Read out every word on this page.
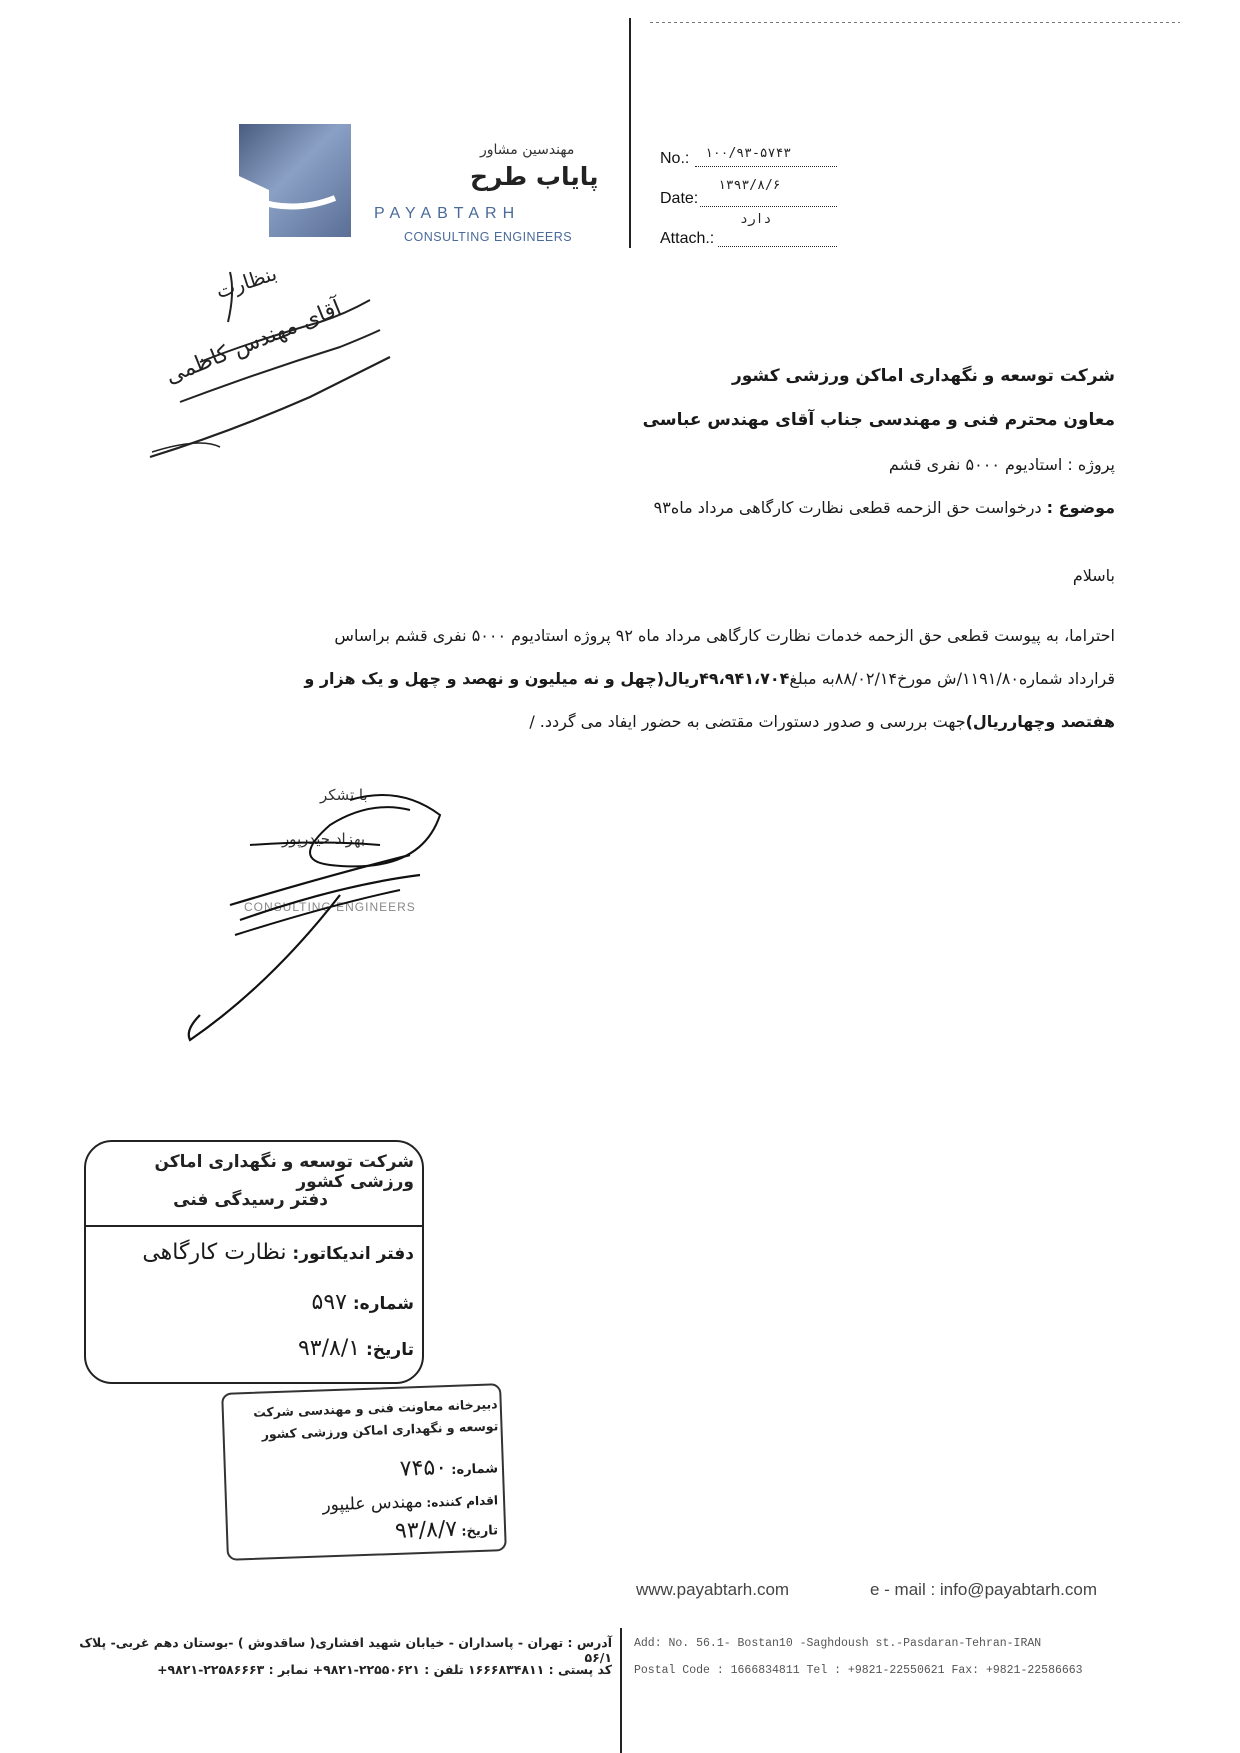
مهندسین مشاور
پایاب طرح
PAYABTARH
CONSULTING ENGINEERS
No.: ۱۰۰/۹۳-۵۷۴۳
Date:
۱۳۹۳/۸/۶
Attach.:
دارد
بنظارت
آقای مهندس کاظمی	شرکت توسعه و نگهداری اماکن ورزشی کشور
معاون محترم فنی و مهندسی جناب آقای مهندس عباسی
پروژه : استادیوم ۵۰۰۰ نفری قشم
موضوع : درخواست حق الزحمه قطعی نظارت کارگاهی مرداد ماه۹۳
باسلام
احتراما، به پیوست قطعی حق الزحمه خدمات نظارت کارگاهی مرداد ماه ۹۲ پروژه استادیوم ۵۰۰۰ نفری قشم براساس
قرارداد شماره۱۱۹۱/۸۰/ش مورخ۸۸/۰۲/۱۴به مبلغ۴۹،۹۴۱،۷۰۴ریال(چهل و نه میلیون و نهصد و چهل و یک هزار و
هفتصد وچهارریال)جهت بررسی و صدور دستورات مقتضی به حضور ایفاد می گردد. /
با تشکر
بهزاد حیدرپور
CONSULTING ENGINEERS
شرکت توسعه و نگهداری اماکن ورزشی کشور
دفتر رسیدگی فنی
دفتر اندیکاتور: نظارت کارگاهی
شماره: ۵۹۷
تاریخ: ۹۳/۸/۱
دبیرخانه معاونت فنی و مهندسی شرکت توسعه و نگهداری اماکن ورزشی کشور
شماره: ۷۴۵۰
اقدام کننده: مهندس علیپور
تاریخ: ۹۳/۸/۷
www.payabtarh.com	e - mail : info@payabtarh.com
آدرس : تهران - پاسداران - خیابان شهید افشاری( ساقدوش ) -بوستان دهم غربی- پلاک ۵۶/۱
کد پستی : ۱۶۶۶۸۳۴۸۱۱ تلفن : ۲۲۵۵۰۶۲۱-۹۸۲۱+ نمابر : ۲۲۵۸۶۶۶۳-۹۸۲۱+
Add: No. 56.1- Bostan10 -Saghdoush st.-Pasdaran-Tehran-IRAN
Postal Code : 1666834811 Tel : +9821-22550621 Fax: +9821-22586663
